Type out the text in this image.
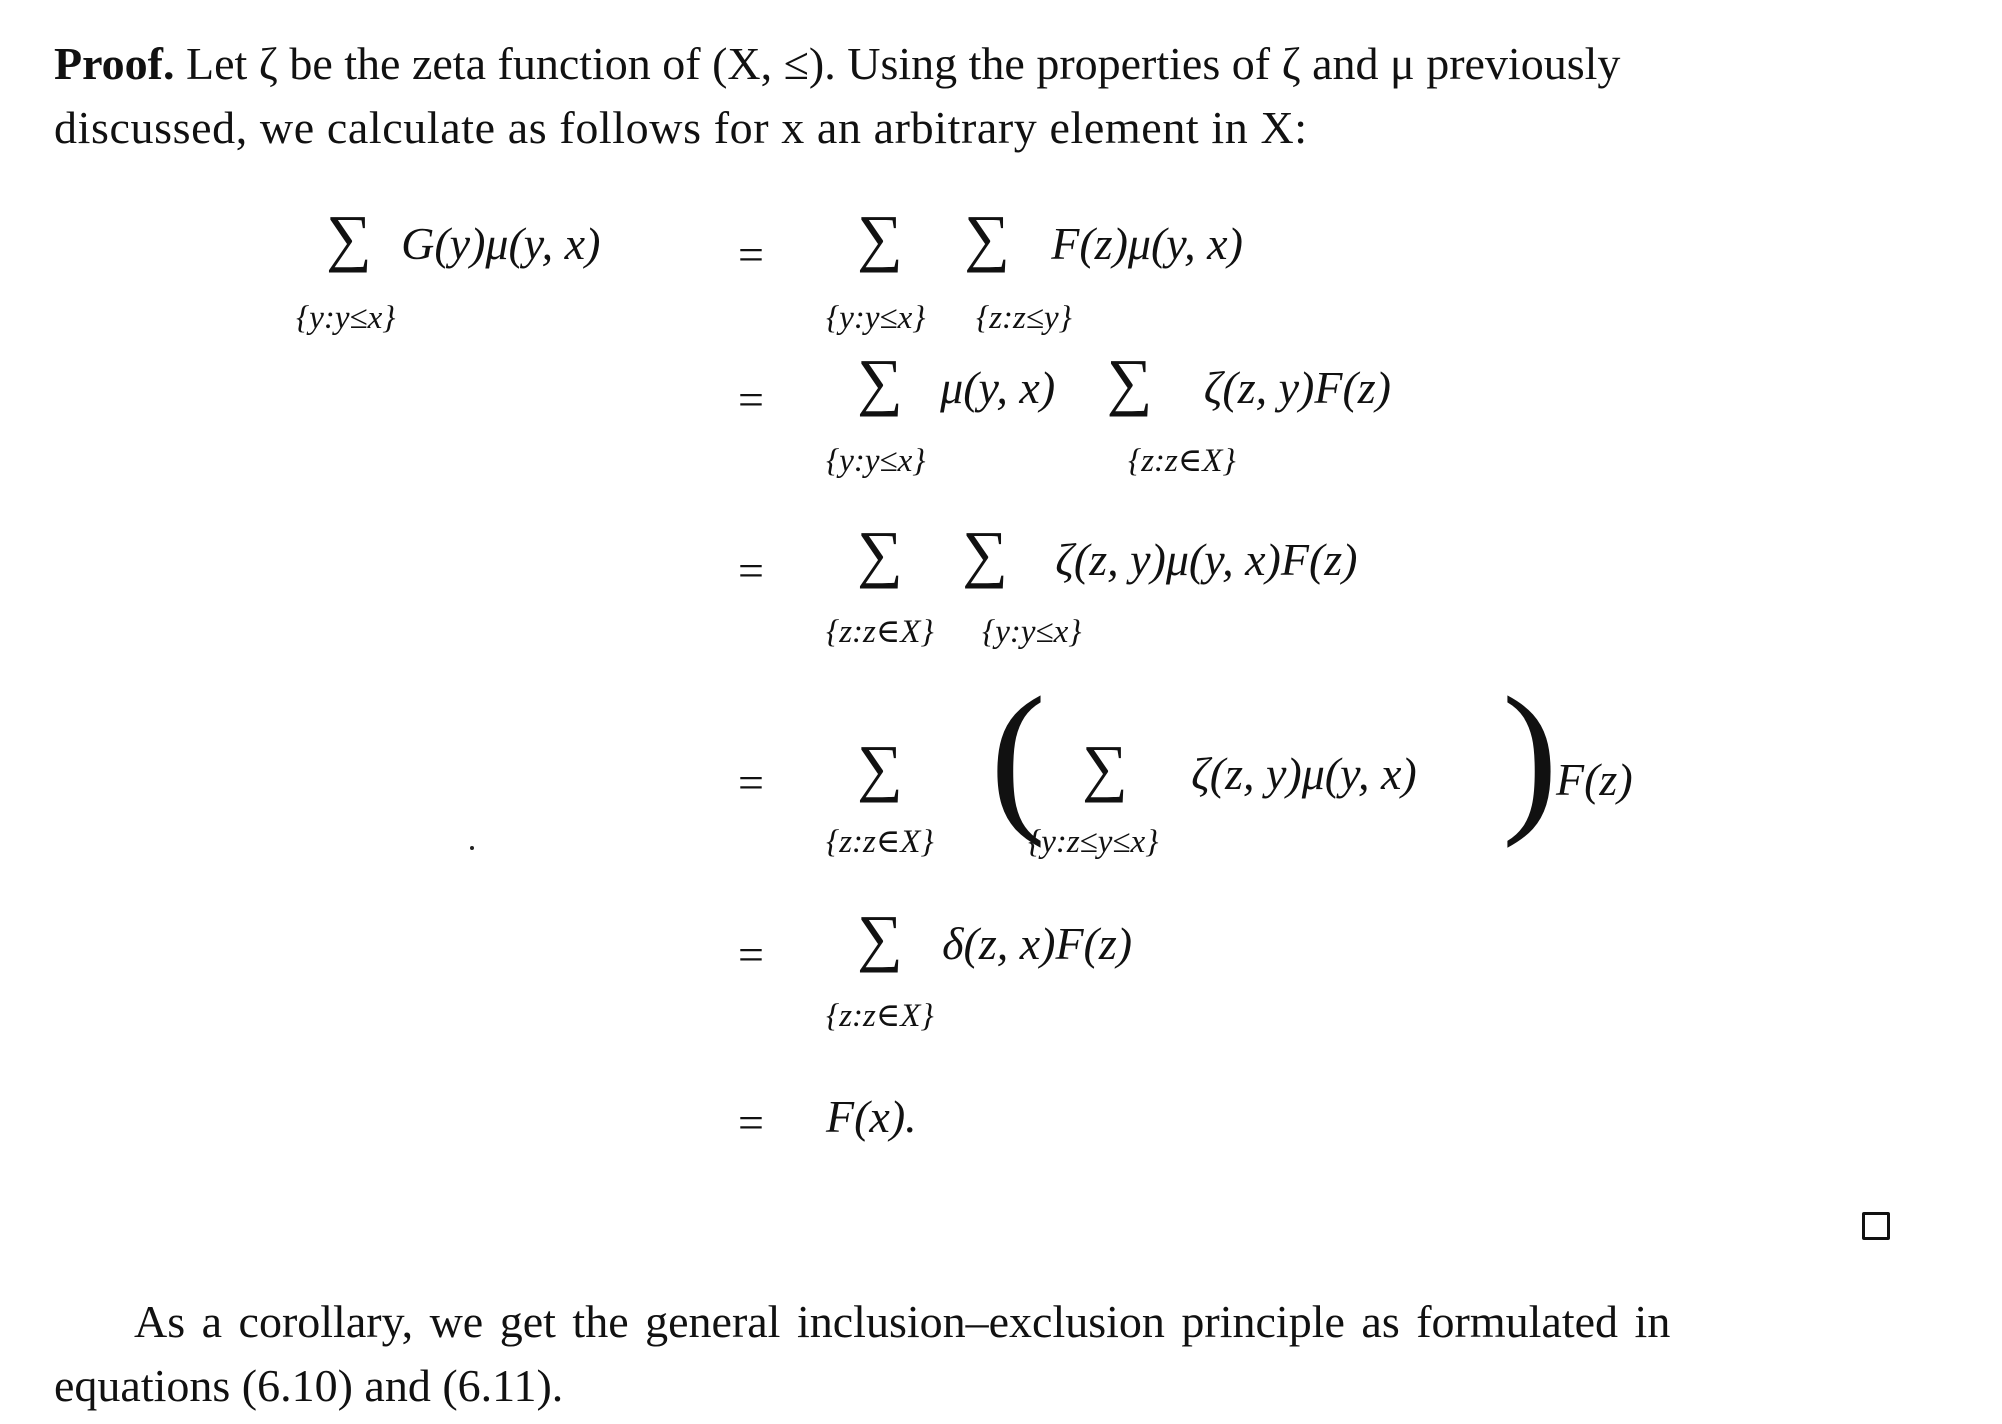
Proof. Let ζ be the zeta function of (X, ≤). Using the properties of ζ and μ previously
discussed, we calculate as follows for x an arbitrary element in X:

∑ G(y)μ(y, x)
{y:y≤x}
=
=
=
=
=
=
∑ ∑ F(z)μ(y, x)
{y:y≤x} {z:z≤y}
∑ μ(y, x) ∑ ζ(z, y)F(z)
{y:y≤x}	{z:z∈X}
∑ ∑ ζ(z, y)μ(y, x)F(z)
{z:z∈X} {y:y≤x}
∑ ( ∑ ζ(z, y)μ(y, x) )
F(z)
{z:z∈X}	{y:z≤y≤x}
∑ δ(z, x)F(z)
{z:z∈X}
F(x).

As a corollary, we get the general inclusion–exclusion principle as formulated in
equations (6.10) and (6.11).
